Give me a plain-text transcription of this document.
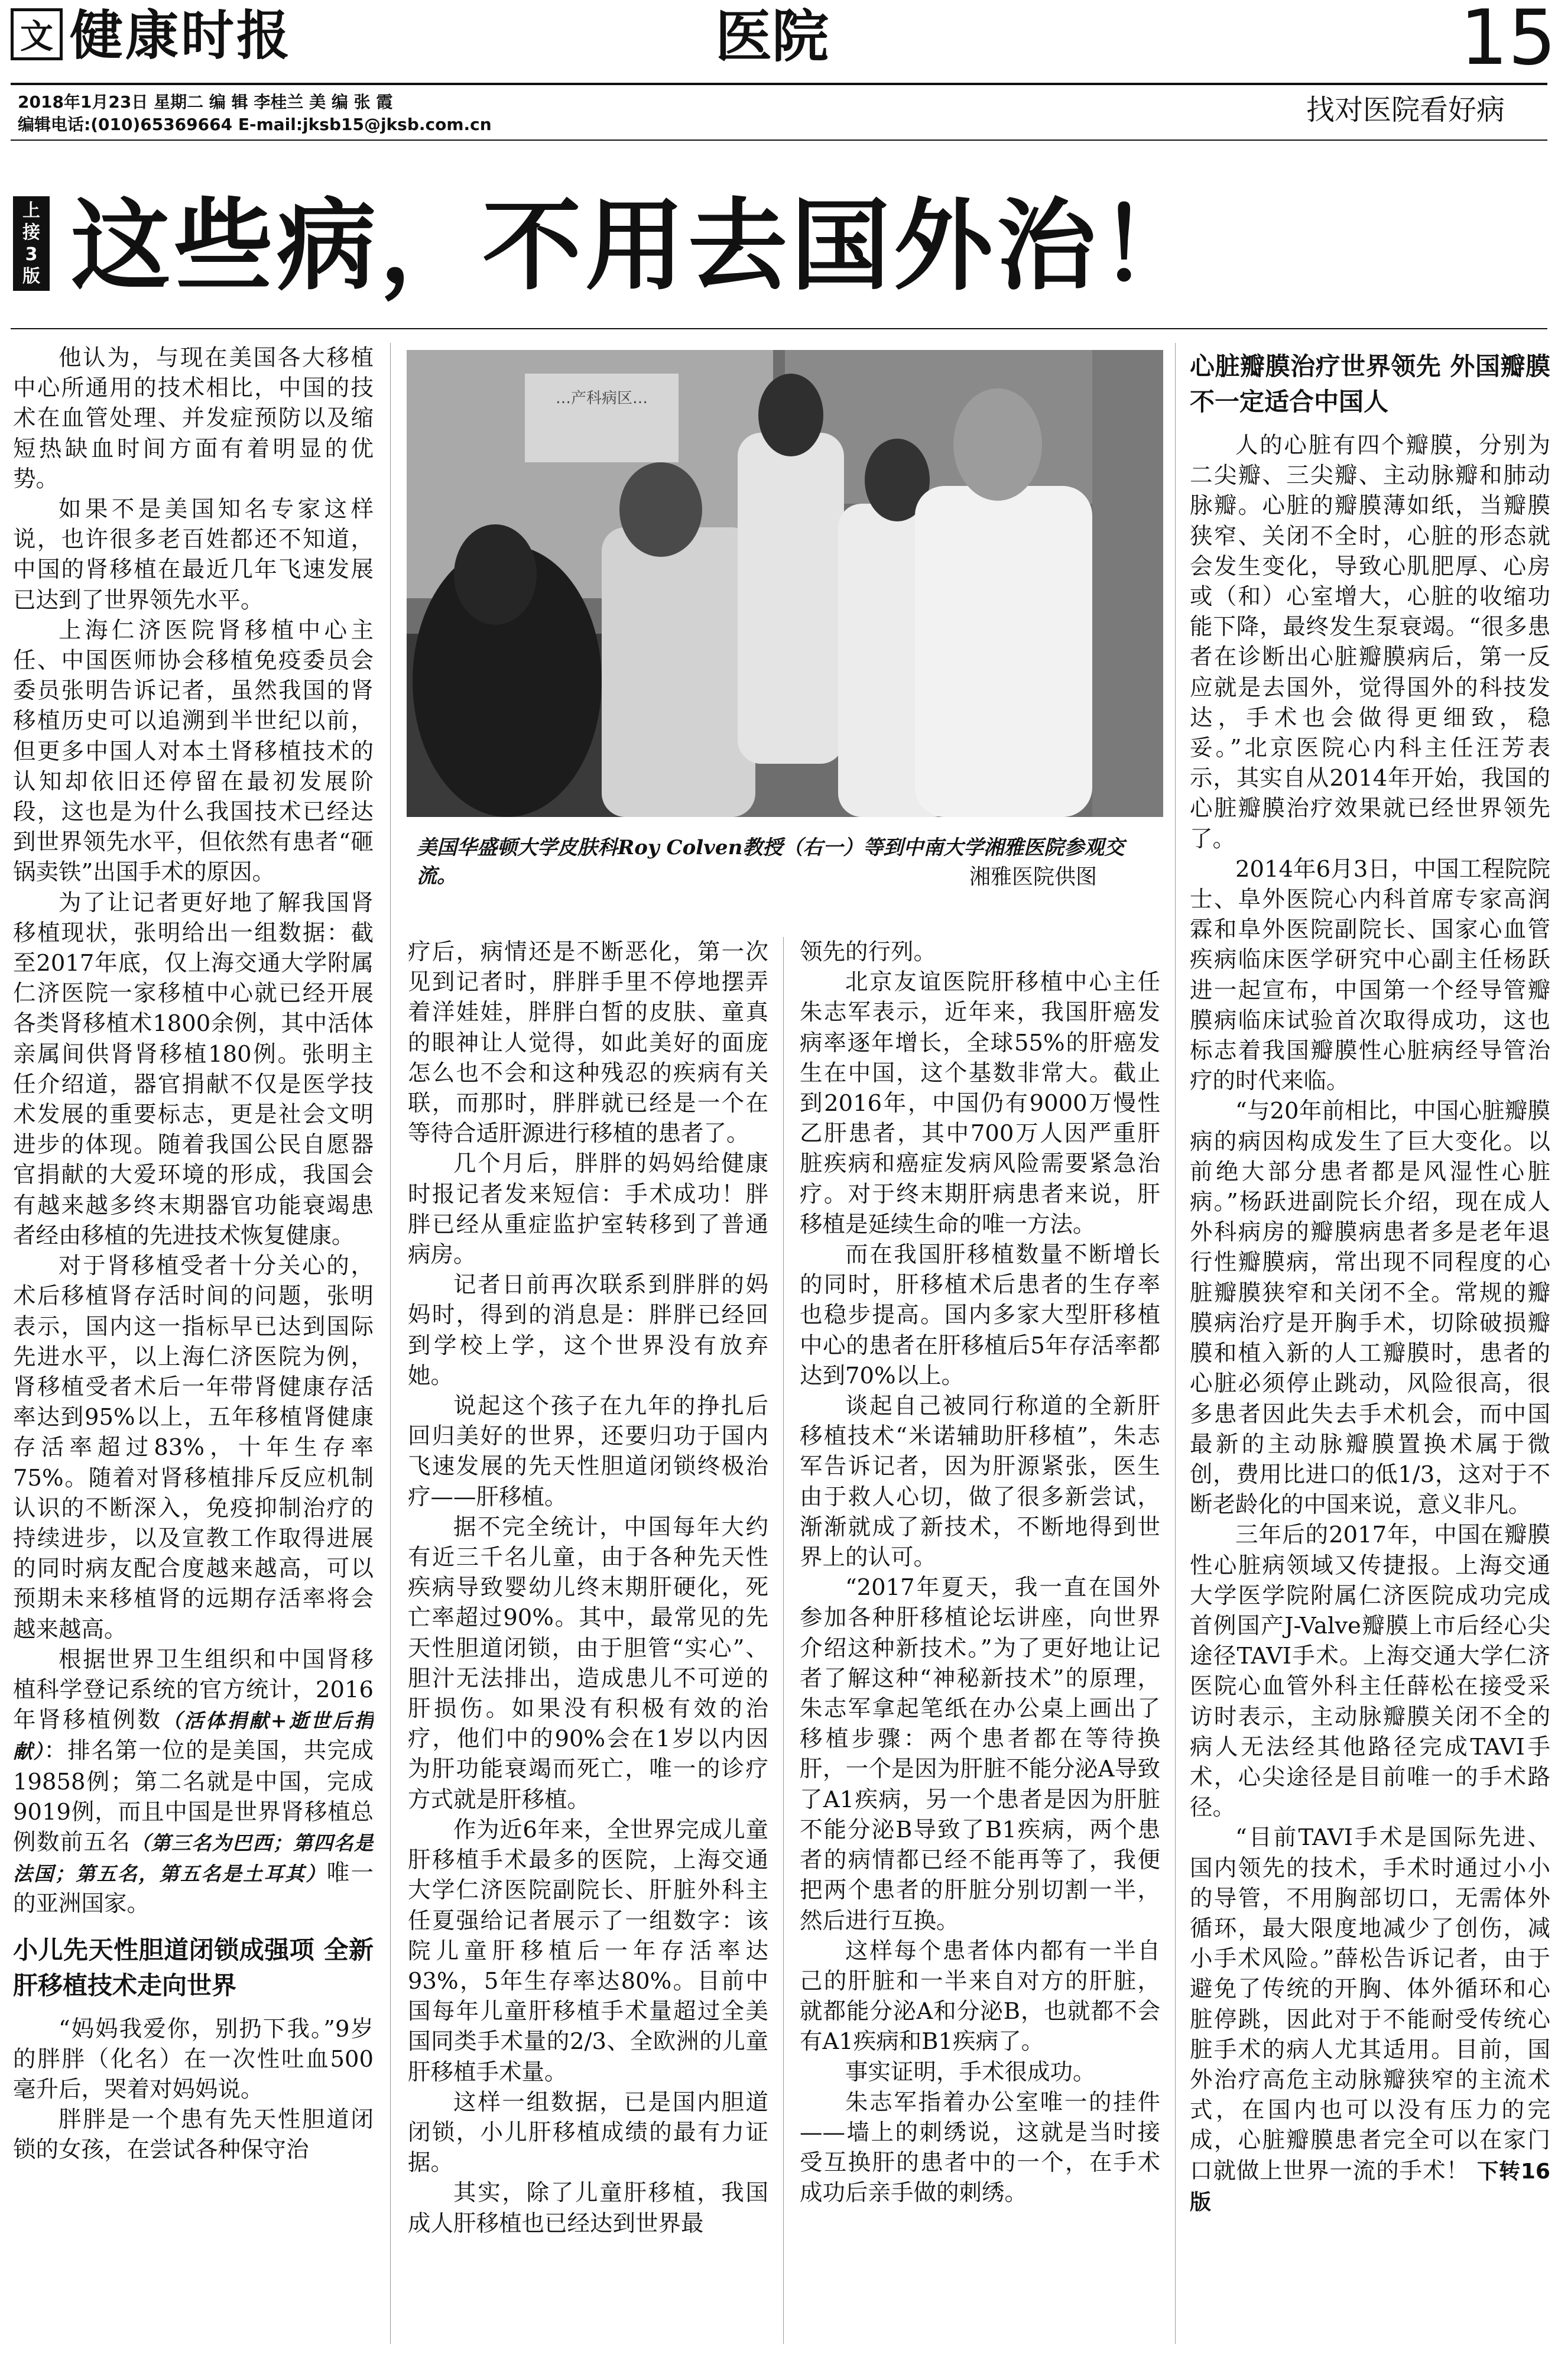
文 健康时报	医院	15
2018年1月23日 星期二 编 辑 李桂兰 美 编 张 霞
编辑电话:(010)65369664 E-mail:jksb15@jksb.com.cn	找对医院看好病
上
接
3
版 这些病，不用去国外治！

他认为，与现在美国各大移植中心所通用的技术相比，中国的技术在血管处理、并发症预防以及缩短热缺血时间方面有着明显的优势。

如果不是美国知名专家这样说，也许很多老百姓都还不知道，中国的肾移植在最近几年飞速发展已达到了世界领先水平。

上海仁济医院肾移植中心主任、中国医师协会移植免疫委员会委员张明告诉记者，虽然我国的肾移植历史可以追溯到半世纪以前，但更多中国人对本土肾移植技术的认知却依旧还停留在最初发展阶段，这也是为什么我国技术已经达到世界领先水平，但依然有患者“砸锅卖铁”出国手术的原因。

为了让记者更好地了解我国肾移植现状，张明给出一组数据：截至2017年底，仅上海交通大学附属仁济医院一家移植中心就已经开展各类肾移植术1800余例，其中活体亲属间供肾肾移植180例。张明主任介绍道，器官捐献不仅是医学技术发展的重要标志，更是社会文明进步的体现。随着我国公民自愿器官捐献的大爱环境的形成，我国会有越来越多终末期器官功能衰竭患者经由移植的先进技术恢复健康。

对于肾移植受者十分关心的，术后移植肾存活时间的问题，张明表示，国内这一指标早已达到国际先进水平，以上海仁济医院为例，肾移植受者术后一年带肾健康存活率达到95%以上，五年移植肾健康存活率超过83%，十年生存率75%。随着对肾移植排斥反应机制认识的不断深入，免疫抑制治疗的持续进步，以及宣教工作取得进展的同时病友配合度越来越高，可以预期未来移植肾的远期存活率将会越来越高。

根据世界卫生组织和中国肾移植科学登记系统的官方统计，2016年肾移植例数（活体捐献+逝世后捐献）：排名第一位的是美国，共完成19858例；第二名就是中国，完成9019例，而且中国是世界肾移植总例数前五名（第三名为巴西；第四名是法国；第五名，第五名是土耳其）唯一的亚洲国家。

小儿先天性胆道闭锁成强项 全新肝移植技术走向世界

“妈妈我爱你，别扔下我。”9岁的胖胖（化名）在一次性吐血500毫升后，哭着对妈妈说。

胖胖是一个患有先天性胆道闭锁的女孩，在尝试各种保守治

…产科病区…
美国华盛顿大学皮肤科Roy Colven教授（右一）等到中南大学湘雅医院参观交流。	湘雅医院供图

疗后，病情还是不断恶化，第一次见到记者时，胖胖手里不停地摆弄着洋娃娃，胖胖白皙的皮肤、童真的眼神让人觉得，如此美好的面庞怎么也不会和这种残忍的疾病有关联，而那时，胖胖就已经是一个在等待合适肝源进行移植的患者了。

几个月后，胖胖的妈妈给健康时报记者发来短信：手术成功！胖胖已经从重症监护室转移到了普通病房。

记者日前再次联系到胖胖的妈妈时，得到的消息是：胖胖已经回到学校上学，这个世界没有放弃她。

说起这个孩子在九年的挣扎后回归美好的世界，还要归功于国内飞速发展的先天性胆道闭锁终极治疗——肝移植。

据不完全统计，中国每年大约有近三千名儿童，由于各种先天性疾病导致婴幼儿终末期肝硬化，死亡率超过90%。其中，最常见的先天性胆道闭锁，由于胆管“实心”、胆汁无法排出，造成患儿不可逆的肝损伤。如果没有积极有效的治疗，他们中的90%会在1岁以内因为肝功能衰竭而死亡，唯一的诊疗方式就是肝移植。

作为近6年来，全世界完成儿童肝移植手术最多的医院，上海交通大学仁济医院副院长、肝脏外科主任夏强给记者展示了一组数字：该院儿童肝移植后一年存活率达93%，5年生存率达80%。目前中国每年儿童肝移植手术量超过全美国同类手术量的2/3、全欧洲的儿童肝移植手术量。

这样一组数据，已是国内胆道闭锁，小儿肝移植成绩的最有力证据。

其实，除了儿童肝移植，我国成人肝移植也已经达到世界最

领先的行列。

北京友谊医院肝移植中心主任朱志军表示，近年来，我国肝癌发病率逐年增长，全球55%的肝癌发生在中国，这个基数非常大。截止到2016年，中国仍有9000万慢性乙肝患者，其中700万人因严重肝脏疾病和癌症发病风险需要紧急治疗。对于终末期肝病患者来说，肝移植是延续生命的唯一方法。

而在我国肝移植数量不断增长的同时，肝移植术后患者的生存率也稳步提高。国内多家大型肝移植中心的患者在肝移植后5年存活率都达到70%以上。

谈起自己被同行称道的全新肝移植技术“米诺辅助肝移植”，朱志军告诉记者，因为肝源紧张，医生由于救人心切，做了很多新尝试，渐渐就成了新技术，不断地得到世界上的认可。

“2017年夏天，我一直在国外参加各种肝移植论坛讲座，向世界介绍这种新技术。”为了更好地让记者了解这种“神秘新技术”的原理，朱志军拿起笔纸在办公桌上画出了移植步骤：两个患者都在等待换肝，一个是因为肝脏不能分泌A导致了A1疾病，另一个患者是因为肝脏不能分泌B导致了B1疾病，两个患者的病情都已经不能再等了，我便把两个患者的肝脏分别切割一半，然后进行互换。

这样每个患者体内都有一半自己的肝脏和一半来自对方的肝脏，就都能分泌A和分泌B，也就都不会有A1疾病和B1疾病了。

事实证明，手术很成功。

朱志军指着办公室唯一的挂件——墙上的刺绣说，这就是当时接受互换肝的患者中的一个，在手术成功后亲手做的刺绣。

心脏瓣膜治疗世界领先 外国瓣膜不一定适合中国人

人的心脏有四个瓣膜，分别为二尖瓣、三尖瓣、主动脉瓣和肺动脉瓣。心脏的瓣膜薄如纸，当瓣膜狭窄、关闭不全时，心脏的形态就会发生变化，导致心肌肥厚、心房或（和）心室增大，心脏的收缩功能下降，最终发生泵衰竭。“很多患者在诊断出心脏瓣膜病后，第一反应就是去国外，觉得国外的科技发达，手术也会做得更细致，稳妥。”北京医院心内科主任汪芳表示，其实自从2014年开始，我国的心脏瓣膜治疗效果就已经世界领先了。

2014年6月3日，中国工程院院士、阜外医院心内科首席专家高润霖和阜外医院副院长、国家心血管疾病临床医学研究中心副主任杨跃进一起宣布，中国第一个经导管瓣膜病临床试验首次取得成功，这也标志着我国瓣膜性心脏病经导管治疗的时代来临。

“与20年前相比，中国心脏瓣膜病的病因构成发生了巨大变化。以前绝大部分患者都是风湿性心脏病。”杨跃进副院长介绍，现在成人外科病房的瓣膜病患者多是老年退行性瓣膜病，常出现不同程度的心脏瓣膜狭窄和关闭不全。常规的瓣膜病治疗是开胸手术，切除破损瓣膜和植入新的人工瓣膜时，患者的心脏必须停止跳动，风险很高，很多患者因此失去手术机会，而中国最新的主动脉瓣膜置换术属于微创，费用比进口的低1/3，这对于不断老龄化的中国来说，意义非凡。

三年后的2017年，中国在瓣膜性心脏病领域又传捷报。上海交通大学医学院附属仁济医院成功完成首例国产J-Valve瓣膜上市后经心尖途径TAVI手术。上海交通大学仁济医院心血管外科主任薛松在接受采访时表示，主动脉瓣膜关闭不全的病人无法经其他路径完成TAVI手术，心尖途径是目前唯一的手术路径。

“目前TAVI手术是国际先进、国内领先的技术，手术时通过小小的导管，不用胸部切口，无需体外循环，最大限度地减少了创伤，减小手术风险。”薛松告诉记者，由于避免了传统的开胸、体外循环和心脏停跳，因此对于不能耐受传统心脏手术的病人尤其适用。目前，国外治疗高危主动脉瓣狭窄的主流术式，在国内也可以没有压力的完成，心脏瓣膜患者完全可以在家门口就做上世界一流的手术！ 下转16版
